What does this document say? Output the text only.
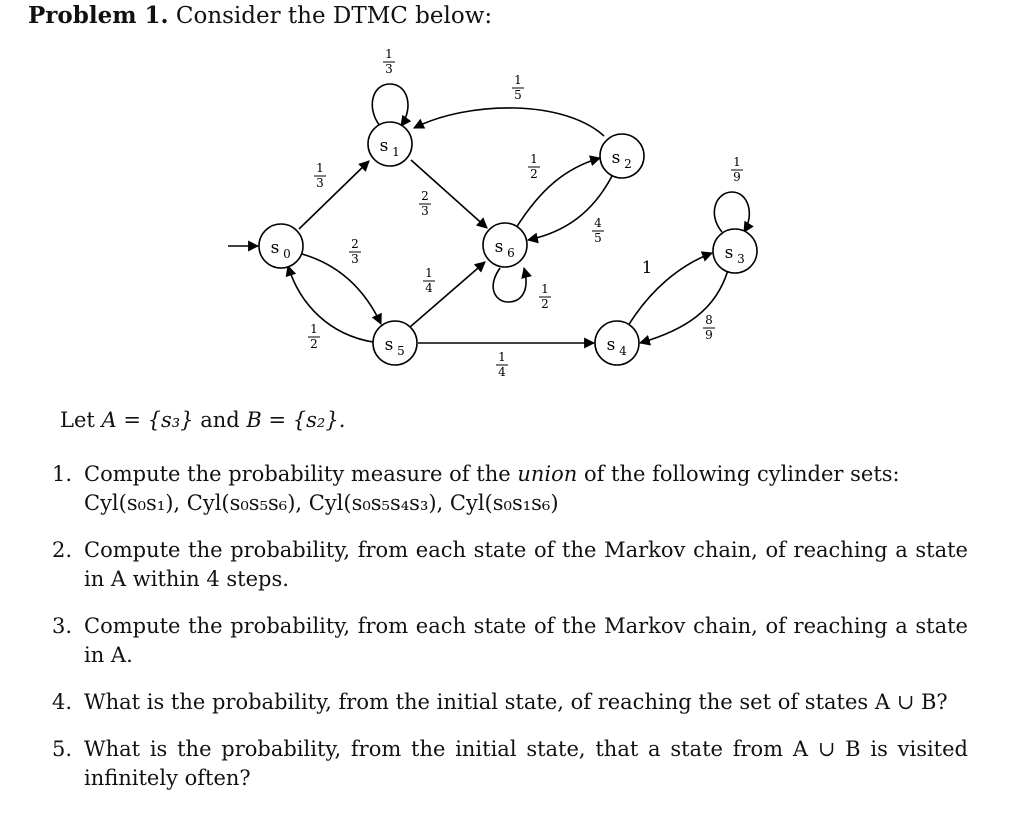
Problem 1. Consider the DTMC below:
s 0
s 1	s 2
s 3
s 4
s 5
s 6
1
3
1
5
1
3
2
3
1
2
4
5
2
3
1
4	1
2
1
2
1
4
1
9
8
9
1
Let A = {s₃} and B = {s₂}.
1. Compute the probability measure of the union of the following cylinder sets:
Cyl(s₀s₁), Cyl(s₀s₅s₆), Cyl(s₀s₅s₄s₃), Cyl(s₀s₁s₆)
2. Compute the probability, from each state of the Markov chain, of reaching a state in A within 4 steps.
3. Compute the probability, from each state of the Markov chain, of reaching a state in A.
4. What is the probability, from the initial state, of reaching the set of states A ∪ B?
5. What is the probability, from the initial state, that a state from A ∪ B is visited infinitely often?
